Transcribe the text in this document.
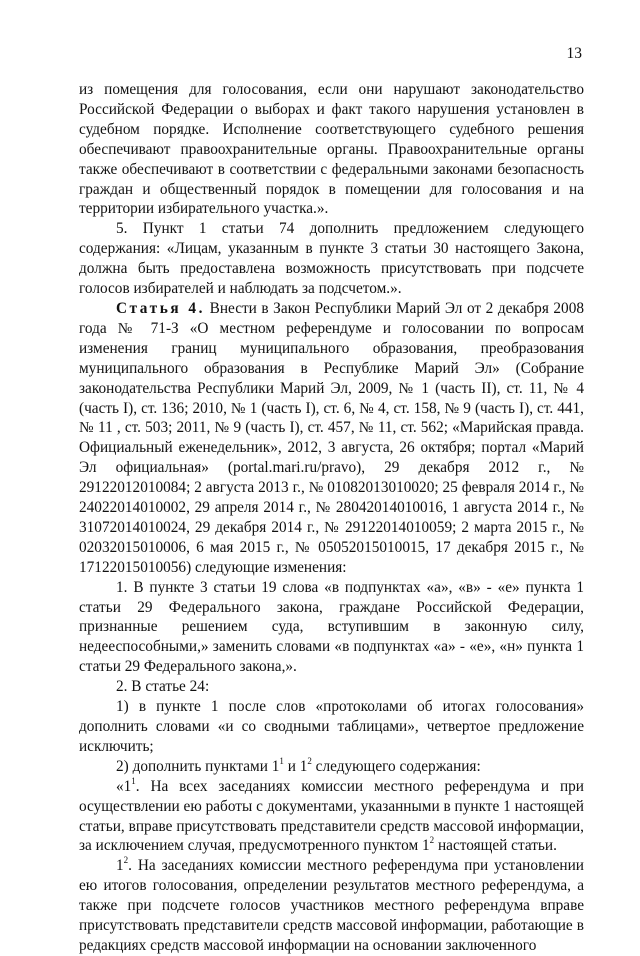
13

из помещения для голосования, если они нарушают законодательство Российской Федерации о выборах и факт такого нарушения установлен в судебном порядке. Исполнение соответствующего судебного решения обеспечивают правоохранительные органы. Правоохранительные органы также обеспечивают в соответствии с федеральными законами безопасность граждан и общественный порядок в помещении для голосования и на территории избирательного участка.».

5. Пункт 1 статьи 74 дополнить предложением следующего содержания: «Лицам, указанным в пункте 3 статьи 30 настоящего Закона, должна быть предоставлена возможность присутствовать при подсчете голосов избирателей и наблюдать за подсчетом.».

Статья 4. Внести в Закон Республики Марий Эл от 2 декабря 2008 года № 71-З «О местном референдуме и голосовании по вопросам изменения границ муниципального образования, преобразования муниципального образования в Республике Марий Эл» (Собрание законодательства Республики Марий Эл, 2009, № 1 (часть II), ст. 11, № 4 (часть I), ст. 136; 2010, № 1 (часть I), ст. 6, № 4, ст. 158, № 9 (часть I), ст. 441, № 11 , ст. 503; 2011, № 9 (часть I), ст. 457, № 11, ст. 562; «Марийская правда. Официальный еженедельник», 2012, 3 августа, 26 октября; портал «Марий Эл официальная» (portal.mari.ru/pravo), 29 декабря 2012 г., № 29122012010084; 2 августа 2013 г., № 01082013010020; 25 февраля 2014 г., № 24022014010002, 29 апреля 2014 г., № 28042014010016, 1 августа 2014 г., № 31072014010024, 29 декабря 2014 г., № 29122014010059; 2 марта 2015 г., № 02032015010006, 6 мая 2015 г., № 05052015010015, 17 декабря 2015 г., № 17122015010056) следующие изменения:

1. В пункте 3 статьи 19 слова «в подпунктах «а», «в» - «е» пункта 1 статьи 29 Федерального закона, граждане Российской Федерации, признанные решением суда, вступившим в законную силу, недееспособными,» заменить словами «в подпунктах «а» - «е», «н» пункта 1 статьи 29 Федерального закона,».

2. В статье 24:

1) в пункте 1 после слов «протоколами об итогах голосования» дополнить словами «и со сводными таблицами», четвертое предложение исключить;

2) дополнить пунктами $1^1$ и $1^2$ следующего содержания:

«$1^1$. На всех заседаниях комиссии местного референдума и при осуществлении ею работы с документами, указанными в пункте 1 настоящей статьи, вправе присутствовать представители средств массовой информации, за исключением случая, предусмотренного пунктом $1^2$ настоящей статьи.

$1^2$. На заседаниях комиссии местного референдума при установлении ею итогов голосования, определении результатов местного референдума, а также при подсчете голосов участников местного референдума вправе присутствовать представители средств массовой информации, работающие в редакциях средств массовой информации на основании заключенного
